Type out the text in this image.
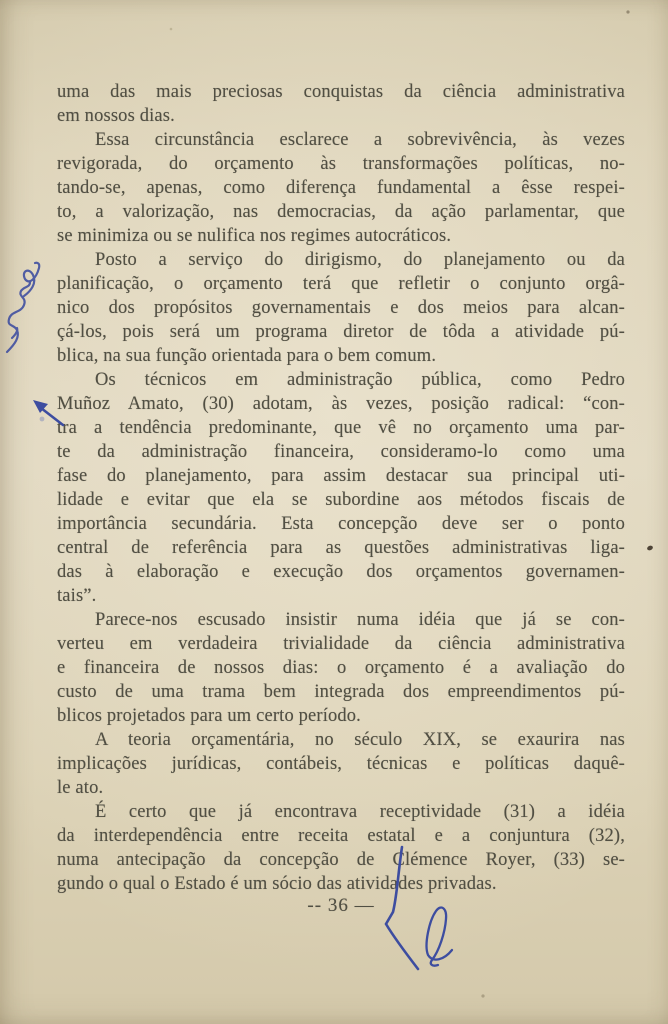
uma das mais preciosas conquistas da ciência administrativa
em nossos dias.
Essa circunstância esclarece a sobrevivência, às vezes
revigorada, do orçamento às transformações políticas, no-
tando-se, apenas, como diferença fundamental a êsse respei-
to, a valorização, nas democracias, da ação parlamentar, que
se minimiza ou se nulifica nos regimes autocráticos.
Posto a serviço do dirigismo, do planejamento ou da
planificação, o orçamento terá que refletir o conjunto orgâ-
nico dos propósitos governamentais e dos meios para alcan-
çá-los, pois será um programa diretor de tôda a atividade pú-
blica, na sua função orientada para o bem comum.
Os técnicos em administração pública, como Pedro
Muñoz Amato, (30) adotam, às vezes, posição radical: “con-
tra a tendência predominante, que vê no orçamento uma par-
te da administração financeira, consideramo-lo como uma
fase do planejamento, para assim destacar sua principal uti-
lidade e evitar que ela se subordine aos métodos fiscais de
importância secundária. Esta concepção deve ser o ponto
central de referência para as questões administrativas liga-
das à elaboração e execução dos orçamentos governamen-
tais”.
Parece-nos escusado insistir numa idéia que já se con-
verteu em verdadeira trivialidade da ciência administrativa
e financeira de nossos dias: o orçamento é a avaliação do
custo de uma trama bem integrada dos empreendimentos pú-
blicos projetados para um certo período.
A teoria orçamentária, no século XIX, se exaurira nas
implicações jurídicas, contábeis, técnicas e políticas daquê-
le ato.
É certo que já encontrava receptividade (31) a idéia
da interdependência entre receita estatal e a conjuntura (32),
numa antecipação da concepção de Clémence Royer, (33) se-
gundo o qual o Estado é um sócio das atividades privadas.
-- 36 —
